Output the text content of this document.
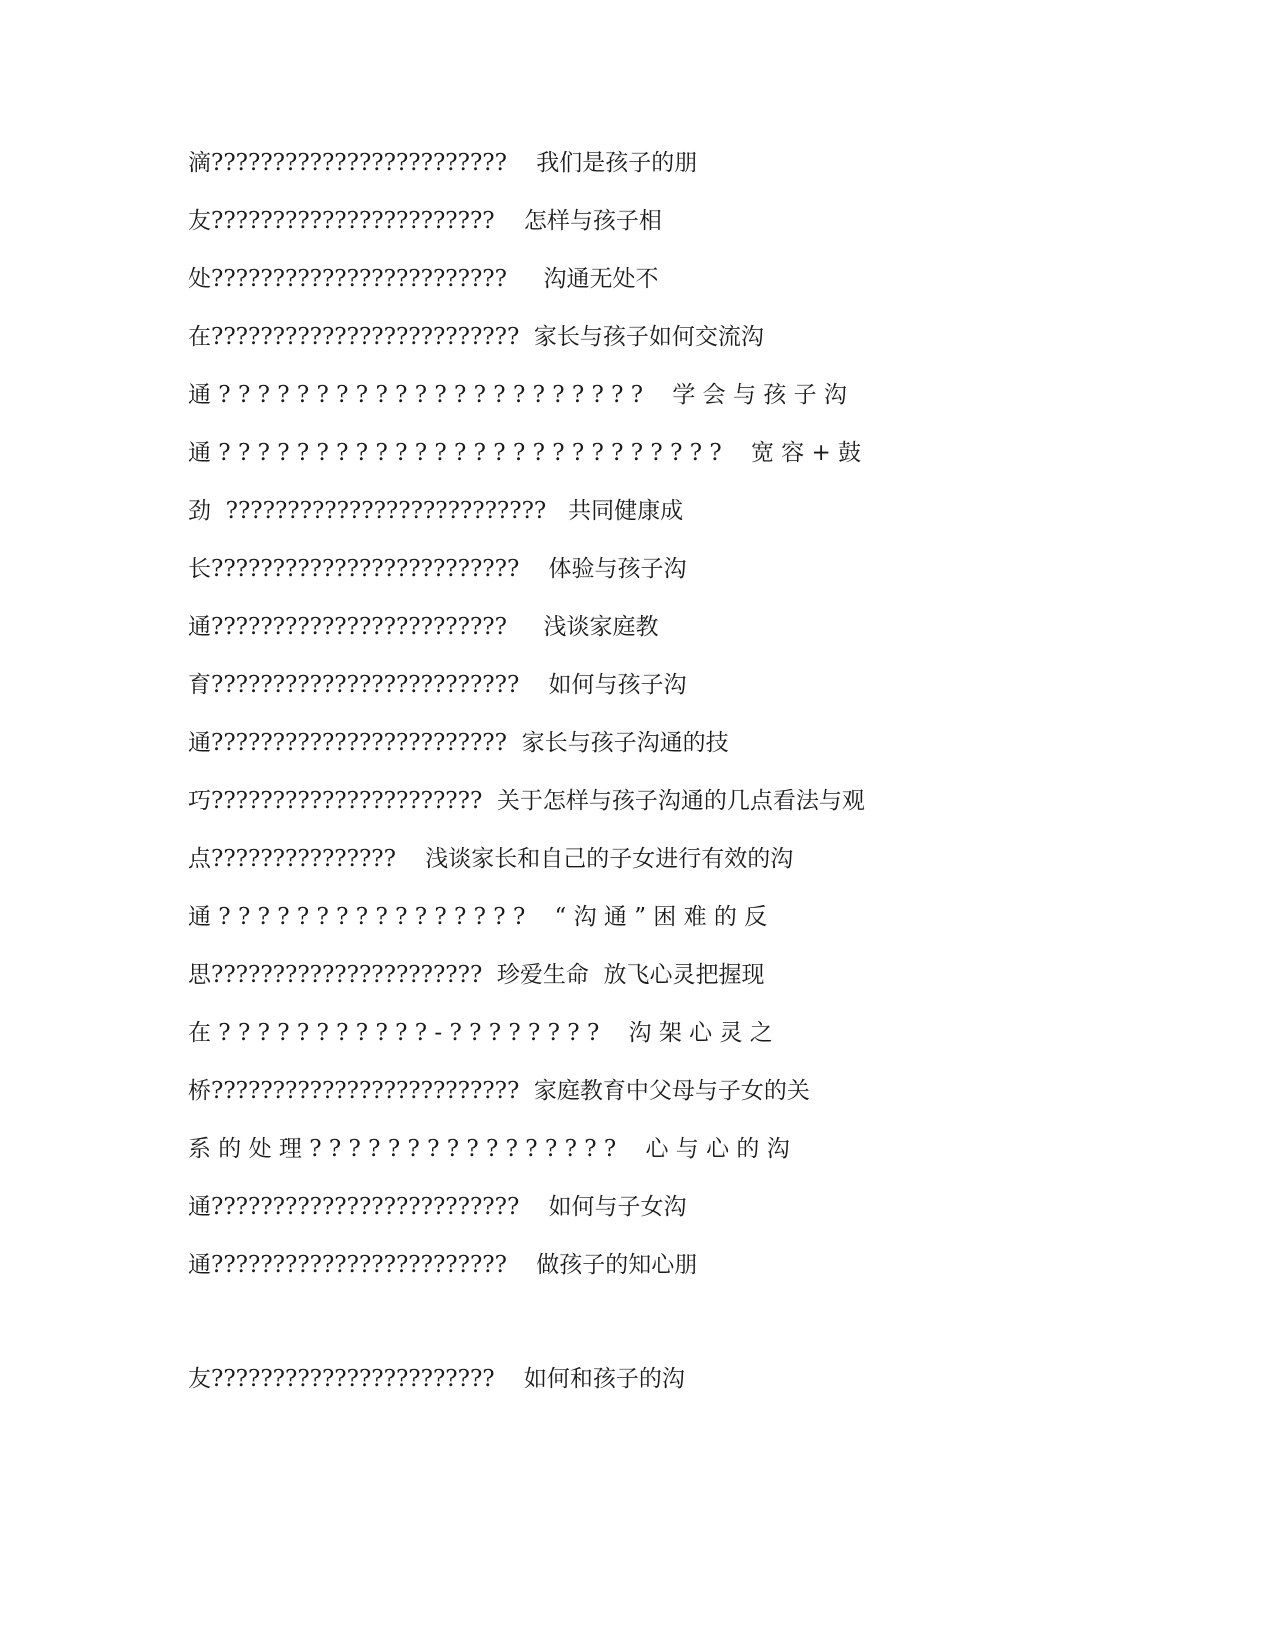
滴????????????????????????    我们是孩子的朋
友???????????????????????    怎样与孩子相
处????????????????????????     沟通无处不
在?????????????????????????  家长与孩子如何交流沟
通 ? ? ? ? ? ? ? ? ? ? ? ? ? ? ? ? ? ? ? ? ? ?    学 会 与 孩 子 沟
通 ? ? ? ? ? ? ? ? ? ? ? ? ? ? ? ? ? ? ? ? ? ? ? ? ? ?    宽 容 + 鼓
劲  ??????????????????????????   共同健康成
长?????????????????????????    体验与孩子沟
通????????????????????????     浅谈家庭教
育?????????????????????????    如何与孩子沟
通????????????????????????  家长与孩子沟通的技
巧??????????????????????  关于怎样与孩子沟通的几点看法与观
点???????????????    浅谈家长和自己的子女进行有效的沟
通 ? ? ? ? ? ? ? ? ? ? ? ? ? ? ? ?    “ 沟 通 ” 困 难 的 反
思??????????????????????  珍爱生命  放飞心灵把握现
在 ? ? ? ? ? ? ? ? ? ? ? - ? ? ? ? ? ? ? ?    沟 架 心 灵 之
桥?????????????????????????  家庭教育中父母与子女的关
系 的 处 理 ? ? ? ? ? ? ? ? ? ? ? ? ? ? ? ?    心 与 心 的 沟
通?????????????????????????    如何与子女沟
通????????????????????????    做孩子的知心朋
友???????????????????????    如何和孩子的沟
